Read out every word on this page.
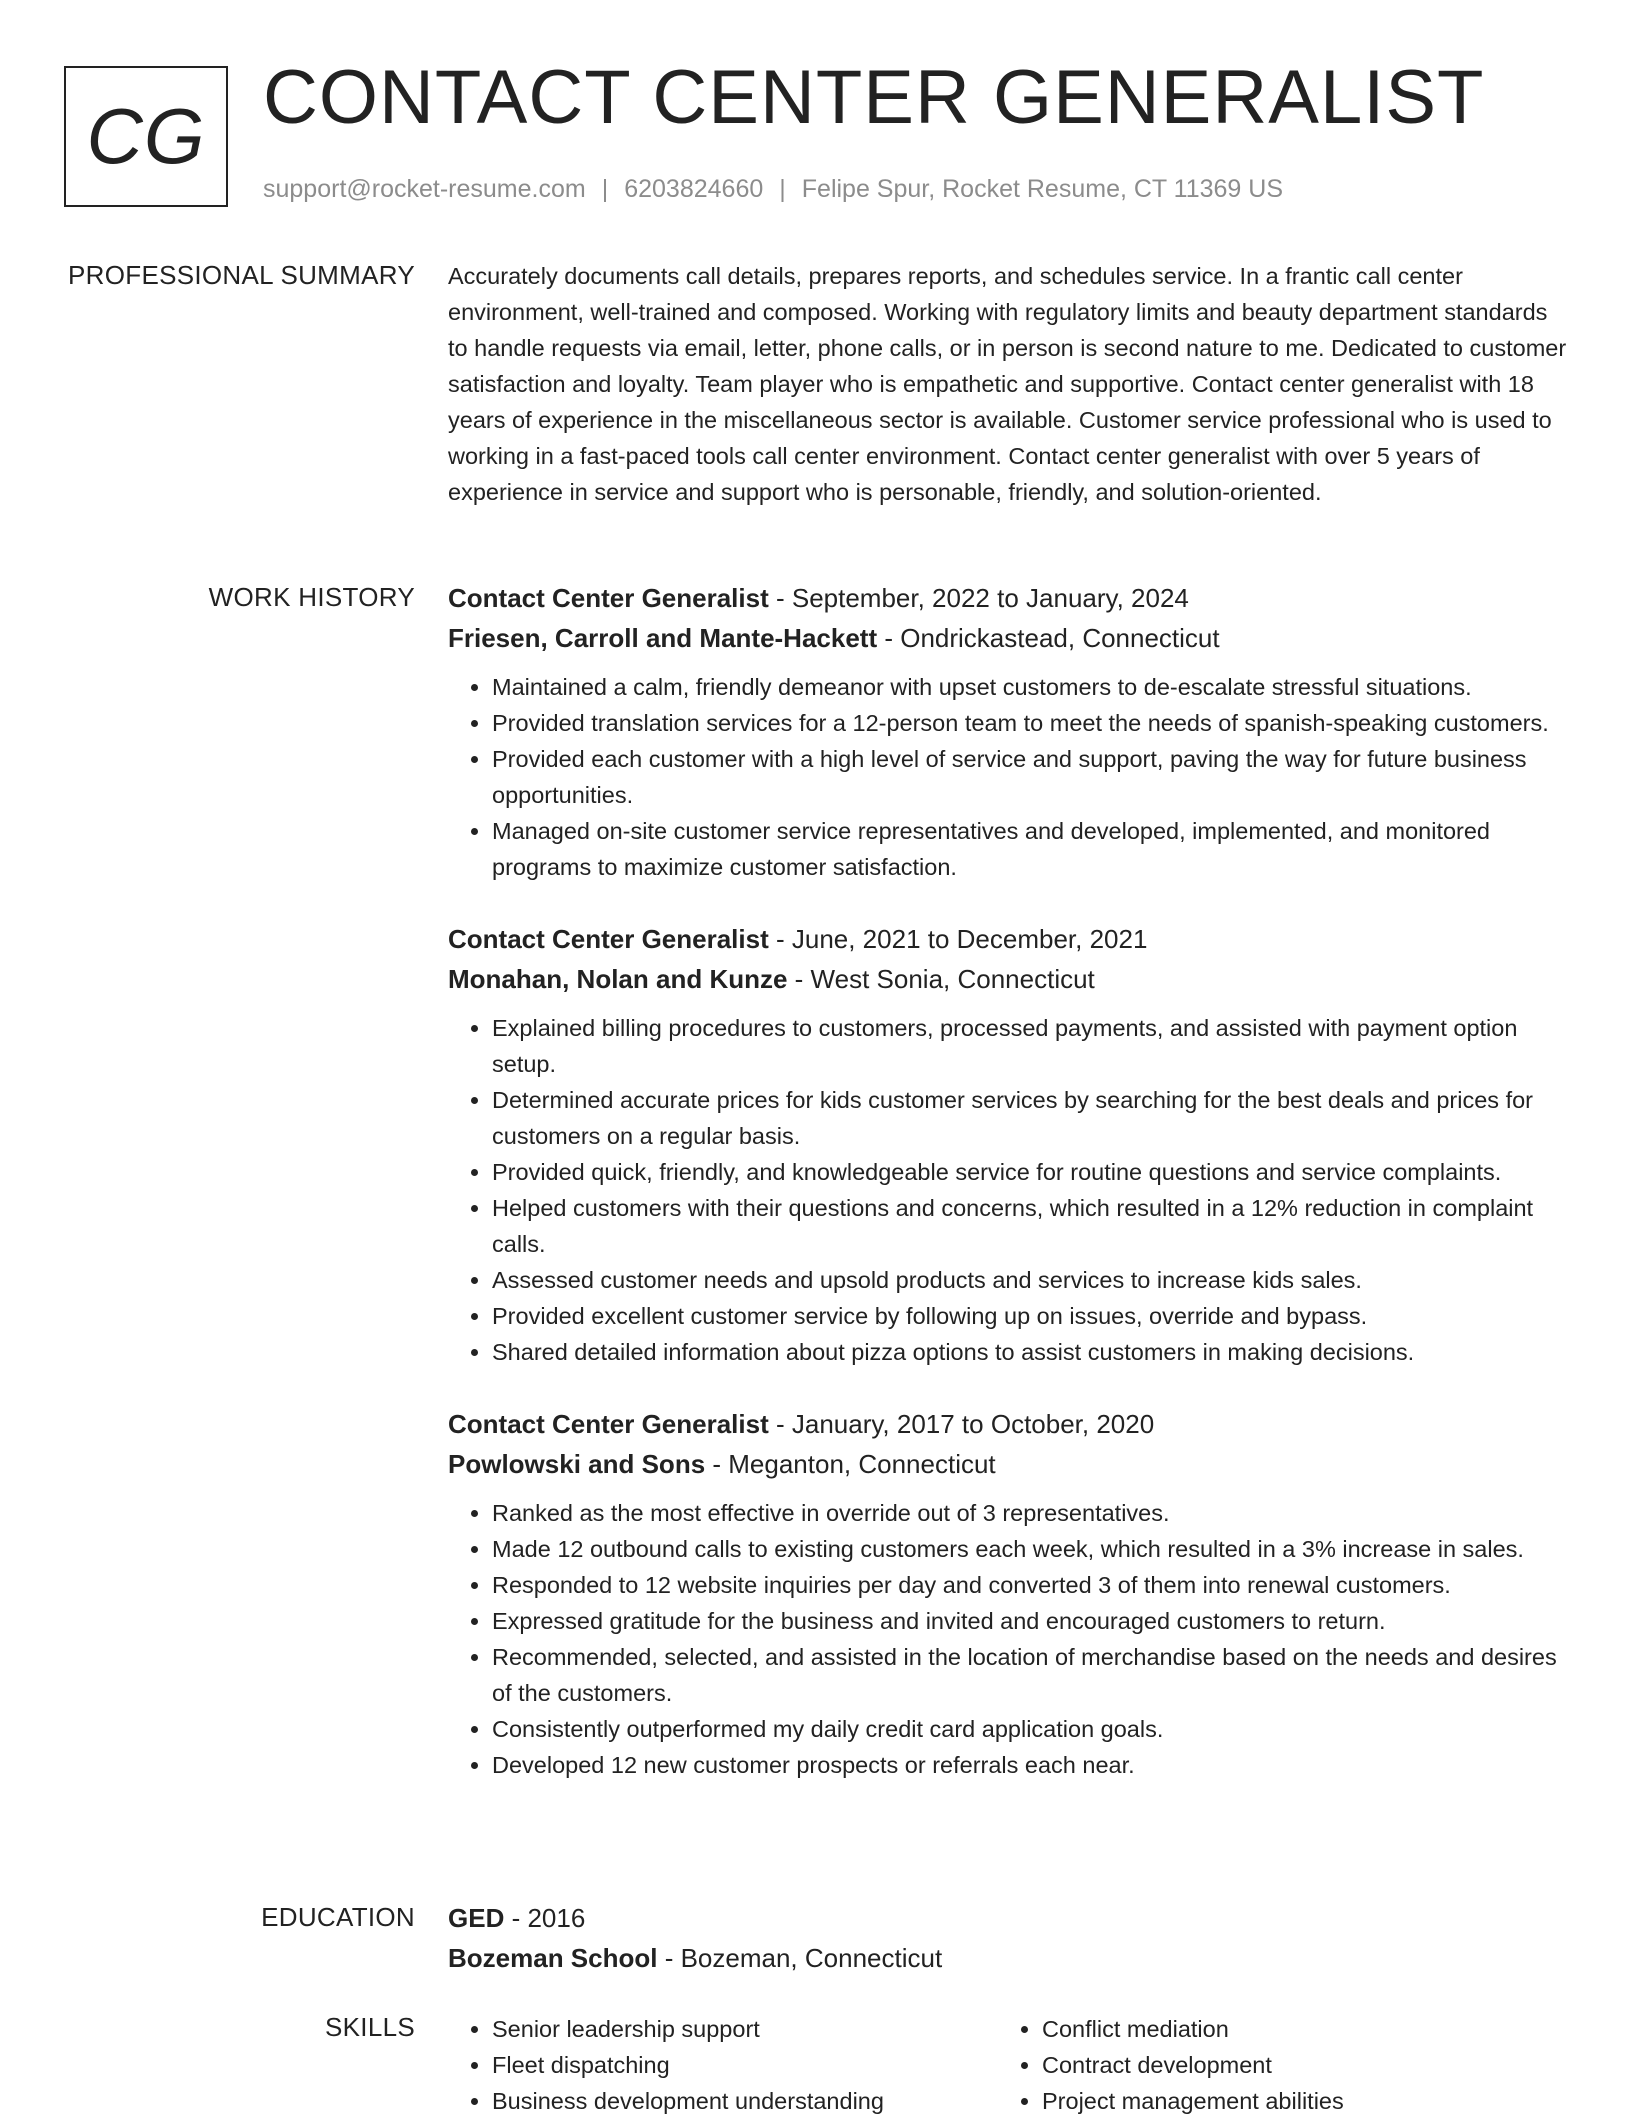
CG CONTACT CENTER GENERALIST
support@rocket-resume.com | 6203824660 | Felipe Spur, Rocket Resume, CT 11369 US
PROFESSIONAL SUMMARY Accurately documents call details, prepares reports, and schedules service. In a frantic call center environment, well-trained and composed. Working with regulatory limits and beauty department standards to handle requests via email, letter, phone calls, or in person is second nature to me. Dedicated to customer satisfaction and loyalty. Team player who is empathetic and supportive. Contact center generalist with 18 years of experience in the miscellaneous sector is available. Customer service professional who is used to working in a fast-paced tools call center environment. Contact center generalist with over 5 years of experience in service and support who is personable, friendly, and solution-oriented.

WORK HISTORY Contact Center Generalist - September, 2022 to January, 2024
Friesen, Carroll and Mante-Hackett - Ondrickastead, Connecticut
• Maintained a calm, friendly demeanor with upset customers to de-escalate stressful situations.
• Provided translation services for a 12-person team to meet the needs of spanish-speaking customers.
• Provided each customer with a high level of service and support, paving the way for future business opportunities.
• Managed on-site customer service representatives and developed, implemented, and monitored programs to maximize customer satisfaction.
Contact Center Generalist - June, 2021 to December, 2021
Monahan, Nolan and Kunze - West Sonia, Connecticut
• Explained billing procedures to customers, processed payments, and assisted with payment option setup.
• Determined accurate prices for kids customer services by searching for the best deals and prices for customers on a regular basis.
• Provided quick, friendly, and knowledgeable service for routine questions and service complaints.
• Helped customers with their questions and concerns, which resulted in a 12% reduction in complaint calls.
• Assessed customer needs and upsold products and services to increase kids sales.
• Provided excellent customer service by following up on issues, override and bypass.
• Shared detailed information about pizza options to assist customers in making decisions.
Contact Center Generalist - January, 2017 to October, 2020
Powlowski and Sons - Meganton, Connecticut
• Ranked as the most effective in override out of 3 representatives.
• Made 12 outbound calls to existing customers each week, which resulted in a 3% increase in sales.
• Responded to 12 website inquiries per day and converted 3 of them into renewal customers.
• Expressed gratitude for the business and invited and encouraged customers to return.
• Recommended, selected, and assisted in the location of merchandise based on the needs and desires of the customers.
• Consistently outperformed my daily credit card application goals.
• Developed 12 new customer prospects or referrals each near.
EDUCATION GED - 2016
Bozeman School - Bozeman, Connecticut
SKILLS
•	Senior leadership support
• Fleet dispatching
• Business development understanding
• Conflict mediation
• Contract development
• Project management abilities
